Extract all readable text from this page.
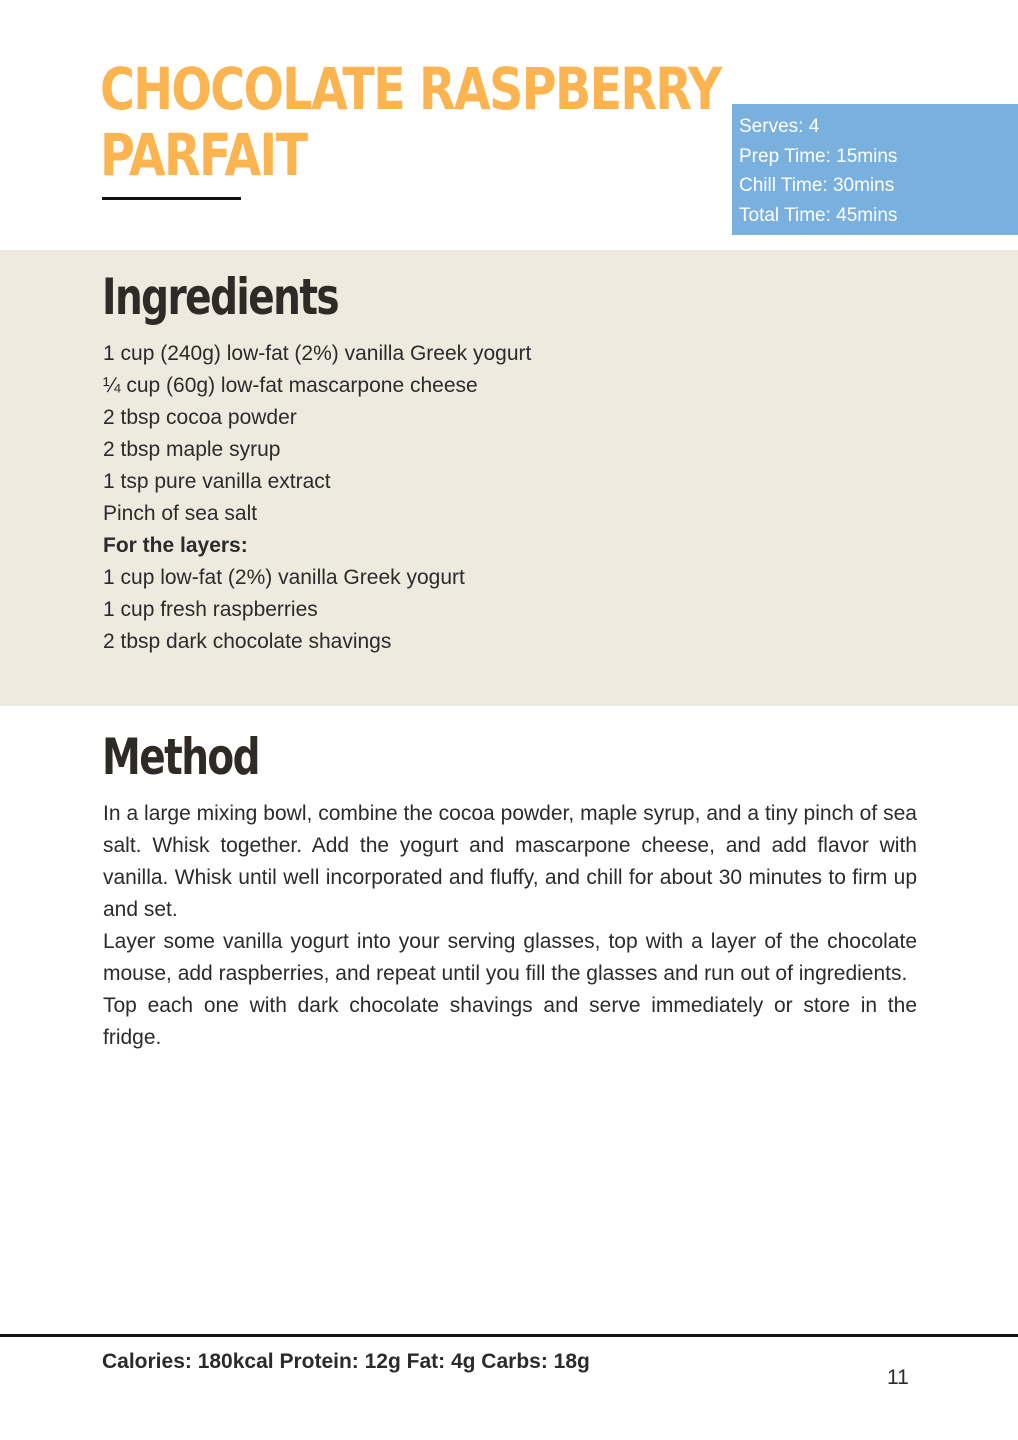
CHOCOLATE RASPBERRY
PARFAIT	Serves: 4
Prep Time: 15mins
Chill Time: 30mins
Total Time: 45mins
Ingredients
1 cup (240g) low-fat (2%) vanilla Greek yogurt
¼ cup (60g) low-fat mascarpone cheese
2 tbsp cocoa powder
2 tbsp maple syrup
1 tsp pure vanilla extract
Pinch of sea salt
For the layers:
1 cup low-fat (2%) vanilla Greek yogurt
1 cup fresh raspberries
2 tbsp dark chocolate shavings
Method

In a large mixing bowl, combine the cocoa powder, maple syrup, and a tiny pinch of sea salt. Whisk together. Add the yogurt and mascarpone cheese, and add flavor with vanilla. Whisk until well incorporated and fluffy, and chill for about 30 minutes to firm up and set.

Layer some vanilla yogurt into your serving glasses, top with a layer of the chocolate mouse, add raspberries, and repeat until you fill the glasses and run out of ingredients.

Top each one with dark chocolate shavings and serve immediately or store in the fridge.

Calories: 180kcal Protein: 12g Fat: 4g Carbs: 18g
11
